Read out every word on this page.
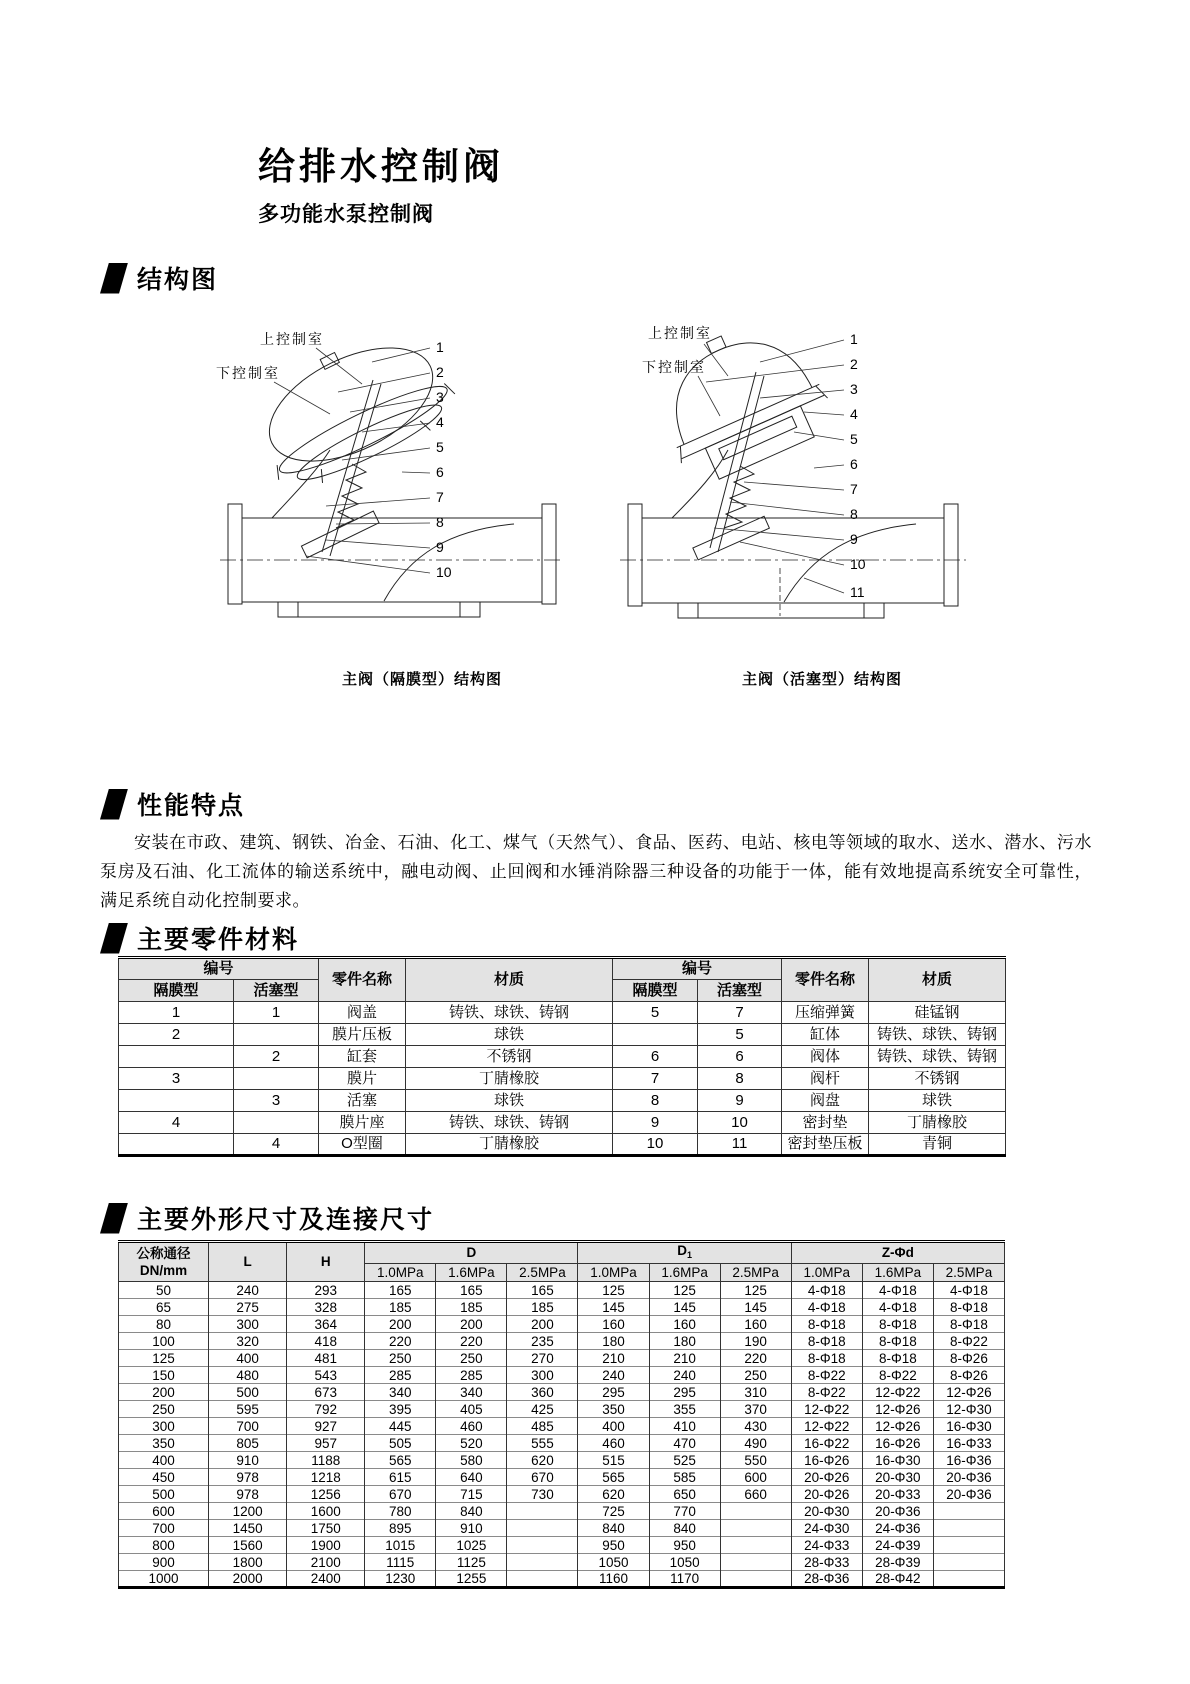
给排水控制阀
多功能水泵控制阀
结构图
1
2
3
4
5
6
7
8
9
10
上控制室
下控制室
1
2
3
4
5
6
7
8
9
10
11
上控制室
下控制室
主阀（隔膜型）结构图	主阀（活塞型）结构图
性能特点

安装在市政、建筑、钢铁、冶金、石油、化工、煤气（天然气）、食品、医药、电站、核电等领域的取水、送水、潜水、污水泵房及石油、化工流体的输送系统中，融电动阀、止回阀和水锤消除器三种设备的功能于一体，能有效地提高系统安全可靠性，满足系统自动化控制要求。

主要零件材料
编号		零件名称	材质	编号		零件名称	材质
隔膜型	活塞型			隔膜型	活塞型		
1	1	阀盖	铸铁、球铁、铸钢	5	7	压缩弹簧	硅锰钢
2		膜片压板	球铁		5	缸体	铸铁、球铁、铸钢
	2	缸套	不锈钢	6	6	阀体	铸铁、球铁、铸钢
3		膜片	丁腈橡胶	7	8	阀杆	不锈钢
	3	活塞	球铁	8	9	阀盘	球铁
4		膜片座	铸铁、球铁、铸钢	9	10	密封垫	丁腈橡胶
	4	O型圈	丁腈橡胶	10	11	密封垫压板	青铜
主要外形尺寸及连接尺寸
公称通径
DN/mm	L	H	D			$D_1$			Z-Φd		
			1.0MPa	1.6MPa	2.5MPa	1.0MPa	1.6MPa	2.5MPa	1.0MPa	1.6MPa	2.5MPa
50	240	293	165	165	165	125	125	125	4-Φ18	4-Φ18	4-Φ18
65	275	328	185	185	185	145	145	145	4-Φ18	4-Φ18	8-Φ18
80	300	364	200	200	200	160	160	160	8-Φ18	8-Φ18	8-Φ18
100	320	418	220	220	235	180	180	190	8-Φ18	8-Φ18	8-Φ22
125	400	481	250	250	270	210	210	220	8-Φ18	8-Φ18	8-Φ26
150	480	543	285	285	300	240	240	250	8-Φ22	8-Φ22	8-Φ26
200	500	673	340	340	360	295	295	310	8-Φ22	12-Φ22	12-Φ26
250	595	792	395	405	425	350	355	370	12-Φ22	12-Φ26	12-Φ30
300	700	927	445	460	485	400	410	430	12-Φ22	12-Φ26	16-Φ30
350	805	957	505	520	555	460	470	490	16-Φ22	16-Φ26	16-Φ33
400	910	1188	565	580	620	515	525	550	16-Φ26	16-Φ30	16-Φ36
450	978	1218	615	640	670	565	585	600	20-Φ26	20-Φ30	20-Φ36
500	978	1256	670	715	730	620	650	660	20-Φ26	20-Φ33	20-Φ36
600	1200	1600	780	840		725	770		20-Φ30	20-Φ36	
700	1450	1750	895	910		840	840		24-Φ30	24-Φ36	
800	1560	1900	1015	1025		950	950		24-Φ33	24-Φ39	
900	1800	2100	1115	1125		1050	1050		28-Φ33	28-Φ39	
1000	2000	2400	1230	1255		1160	1170		28-Φ36	28-Φ42	
